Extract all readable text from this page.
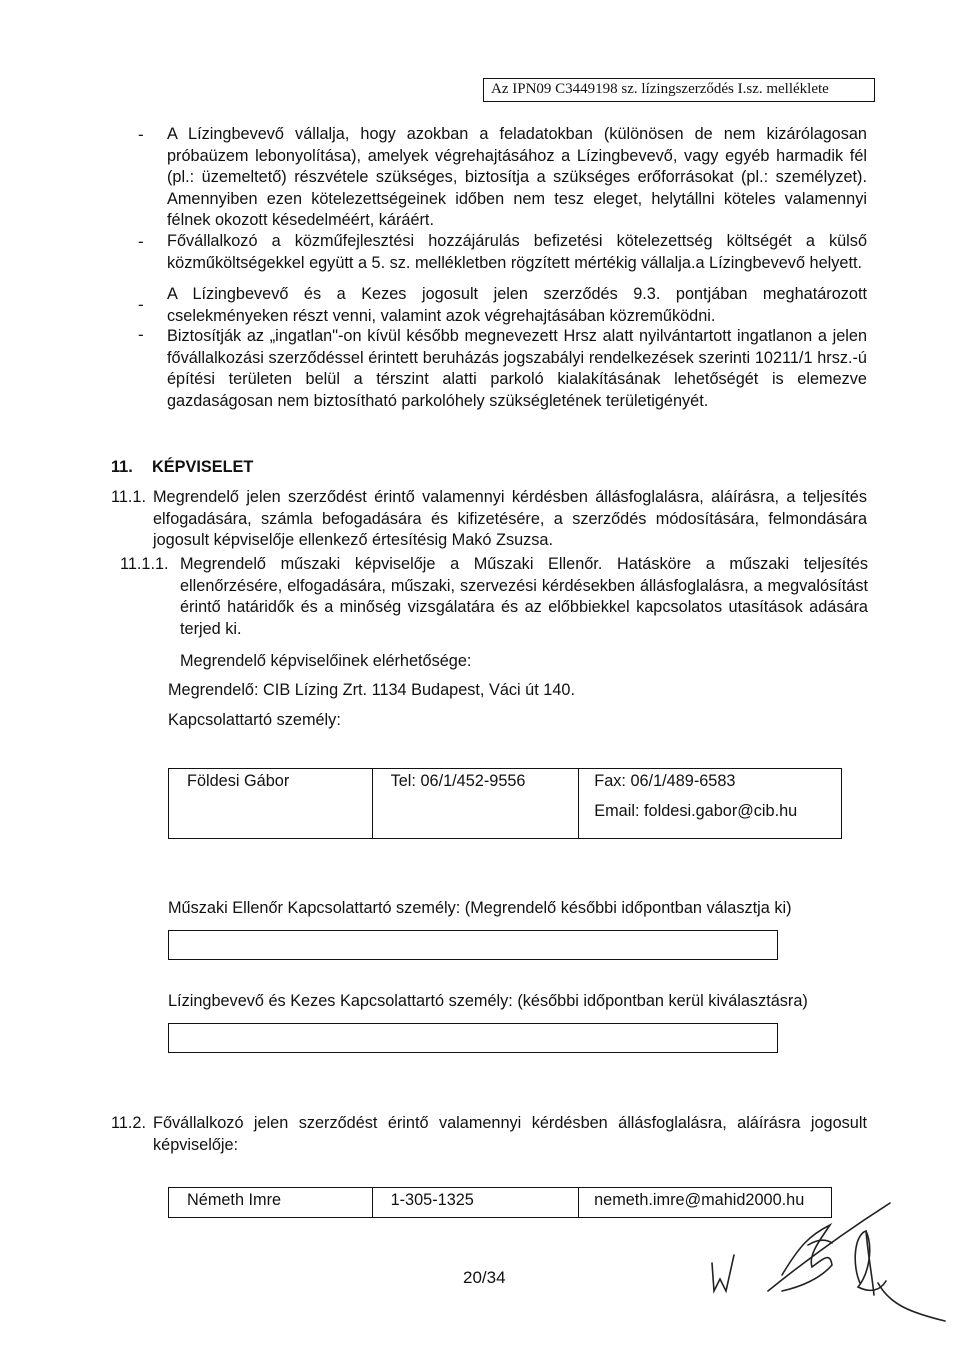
Az IPN09 C3449198 sz. lízingszerződés I.sz. melléklete
- A Lízingbevevő vállalja, hogy azokban a feladatokban (különösen de nem kizárólagosan próbaüzem lebonyolítása), amelyek végrehajtásához a Lízingbevevő, vagy egyéb harmadik fél (pl.: üzemeltető) részvétele szükséges, biztosítja a szükséges erőforrásokat (pl.: személyzet). Amennyiben ezen kötelezettségeinek időben nem tesz eleget, helytállni köteles valamennyi félnek okozott késedelméért, káráért.
- Fővállalkozó a közműfejlesztési hozzájárulás befizetési kötelezettség költségét a külső közműköltségekkel együtt a 5. sz. mellékletben rögzített mértékig vállalja.a Lízingbevevő helyett.
-
A Lízingbevevő és a Kezes jogosult jelen szerződés 9.3. pontjában meghatározott cselekményeken részt venni, valamint azok végrehajtásában közreműködni.
- Biztosítják az „ingatlan"-on kívül később megnevezett Hrsz alatt nyilvántartott ingatlanon a jelen fővállalkozási szerződéssel érintett beruházás jogszabályi rendelkezések szerinti 10211/1 hrsz.-ú építési területen belül a térszint alatti parkoló kialakításának lehetőségét is elemezve gazdaságosan nem biztosítható parkolóhely szükségletének területigényét.
11. KÉPVISELET
11.1. Megrendelő jelen szerződést érintő valamennyi kérdésben állásfoglalásra, aláírásra, a teljesítés elfogadására, számla befogadására és kifizetésére, a szerződés módosítására, felmondására jogosult képviselője ellenkező értesítésig Makó Zsuzsa.
11.1.1. Megrendelő műszaki képviselője a Műszaki Ellenőr. Hatásköre a műszaki teljesítés ellenőrzésére, elfogadására, műszaki, szervezési kérdésekben állásfoglalásra, a megvalósítást érintő határidők és a minőség vizsgálatára és az előbbiekkel kapcsolatos utasítások adására terjed ki.
Megrendelő képviselőinek elérhetősége:
Megrendelő: CIB Lízing Zrt. 1134 Budapest, Váci út 140.
Kapcsolattartó személy:
Földesi Gábor	Tel: 06/1/452-9556	Fax: 06/1/489-6583
Email: foldesi.gabor@cib.hu
Műszaki Ellenőr Kapcsolattartó személy: (Megrendelő későbbi időpontban választja ki)
Lízingbevevő és Kezes Kapcsolattartó személy: (későbbi időpontban kerül kiválasztásra)
11.2. Fővállalkozó jelen szerződést érintő valamennyi kérdésben állásfoglalásra, aláírásra jogosult képviselője:
Németh Imre	1-305-1325	nemeth.imre@mahid2000.hu
20/34
